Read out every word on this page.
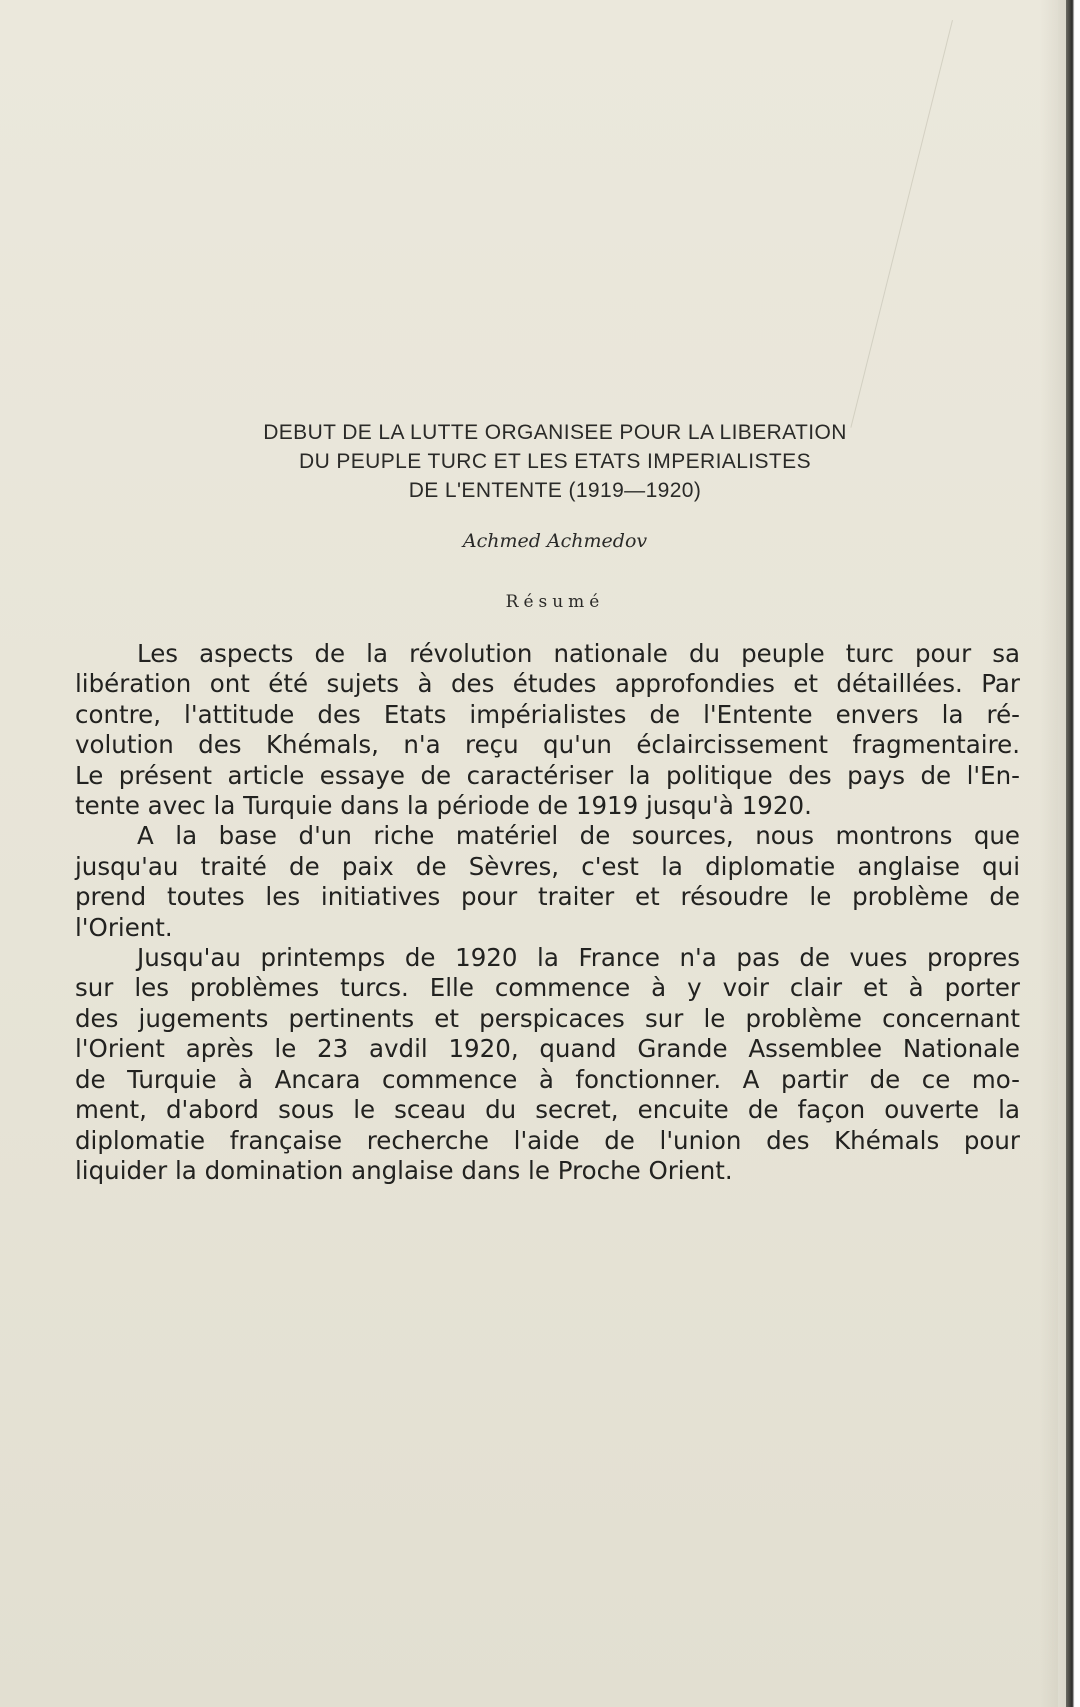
DEBUT DE LA LUTTE ORGANISEE POUR LA LIBERATION
DU PEUPLE TURC ET LES ETATS IMPERIALISTES
DE L'ENTENTE (1919—1920)
Achmed Achmedov
Résumé
Les aspects de la révolution nationale du peuple turc pour sa
libération ont été sujets à des études approfondies et détaillées. Par
contre, l'attitude des Etats impérialistes de l'Entente envers la ré-
volution des Khémals, n'a reçu qu'un éclaircissement fragmentaire.
Le présent article essaye de caractériser la politique des pays de l'En-
tente avec la Turquie dans la période de 1919 jusqu'à 1920.
A la base d'un riche matériel de sources, nous montrons que
jusqu'au traité de paix de Sèvres, c'est la diplomatie anglaise qui
prend toutes les initiatives pour traiter et résoudre le problème de
l'Orient.
Jusqu'au printemps de 1920 la France n'a pas de vues propres
sur les problèmes turcs. Elle commence à y voir clair et à porter
des jugements pertinents et perspicaces sur le problème concernant
l'Orient après le 23 avdil 1920, quand Grande Assemblee Nationale
de Turquie à Ancara commence à fonctionner. A partir de ce mo-
ment, d'abord sous le sceau du secret, encuite de façon ouverte la
diplomatie française recherche l'aide de l'union des Khémals pour
liquider la domination anglaise dans le Proche Orient.
